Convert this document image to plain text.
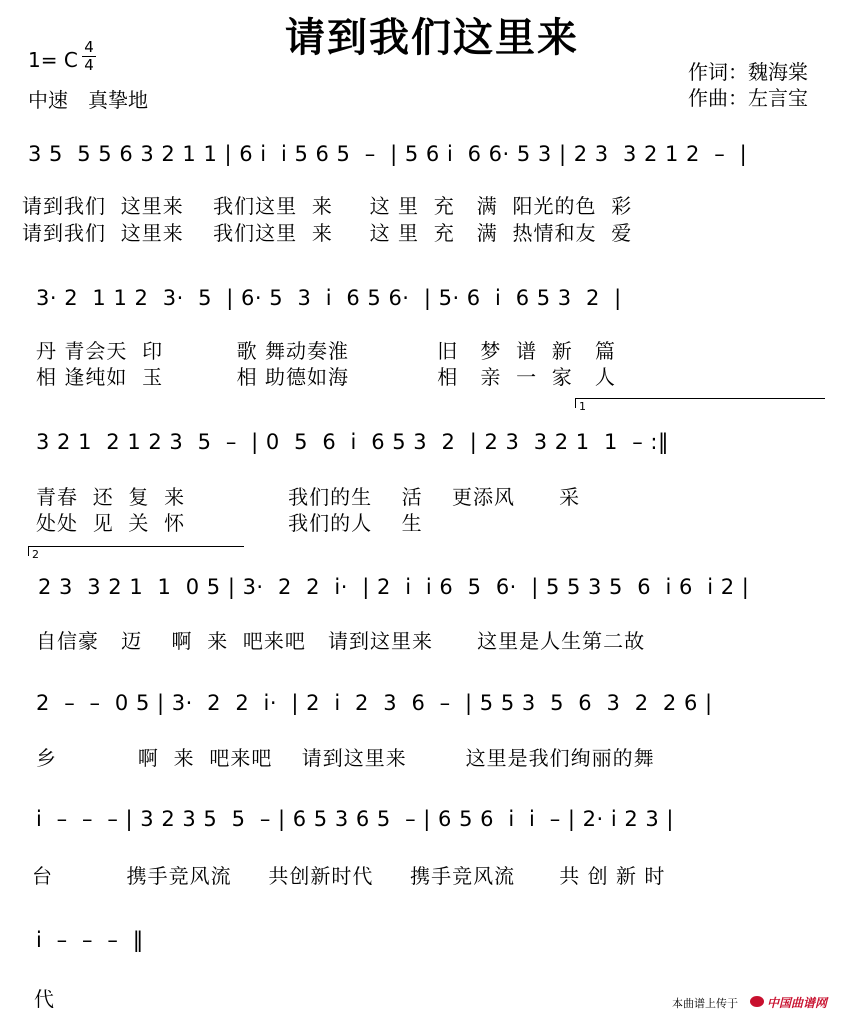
请到我们这里来
1= C
4
4
中速　真挚地
作词：魏海棠
作曲：左言宝
3 5  5 5 6 3 2 1 1 | 6 i  i 5 6 5  –  | 5 6 i  6 6· 5 3 | 2 3  3 2 1 2  –  |
请到我们  这里来    我们这里  来     这 里  充   满  阳光的色  彩
请到我们  这里来    我们这里  来     这 里  充   满  热情和友  爱
3· 2  1 1 2  3·  5  | 6· 5  3  i  6 5 6·  | 5· 6  i  6 5 3  2  |
丹 青会天  印          歌 舞动奏淮            旧   梦  谱  新   篇
相 逢纯如  玉          相 助德如海            相   亲  一  家   人
1
3 2 1  2 1 2 3  5  –  | 0  5  6  i  6 5 3  2  | 2 3  3 2 1  1  – :‖
青春  还  复  来              我们的生    活    更添风      采
处处  见  关  怀              我们的人    生
2
2 3  3 2 1  1  0 5 | 3·  2  2  i·  | 2  i  i 6  5  6·  | 5 5 3 5  6  i 6  i 2 |
自信豪   迈    啊  来  吧来吧   请到这里来      这里是人生第二故
2  –  –  0 5 | 3·  2  2  i·  | 2  i  2  3  6  –  | 5 5 3  5  6  3  2  2 6 |
乡           啊  来  吧来吧    请到这里来        这里是我们绚丽的舞
i  –  –  – | 3 2 3 5  5  – | 6 5 3 6 5  – | 6 5 6  i  i  – | 2· i 2 3 |
台          携手竞风流     共创新时代     携手竞风流      共 创 新 时
i  –  –  –  ‖
代	本曲谱上传于 中国曲谱网
